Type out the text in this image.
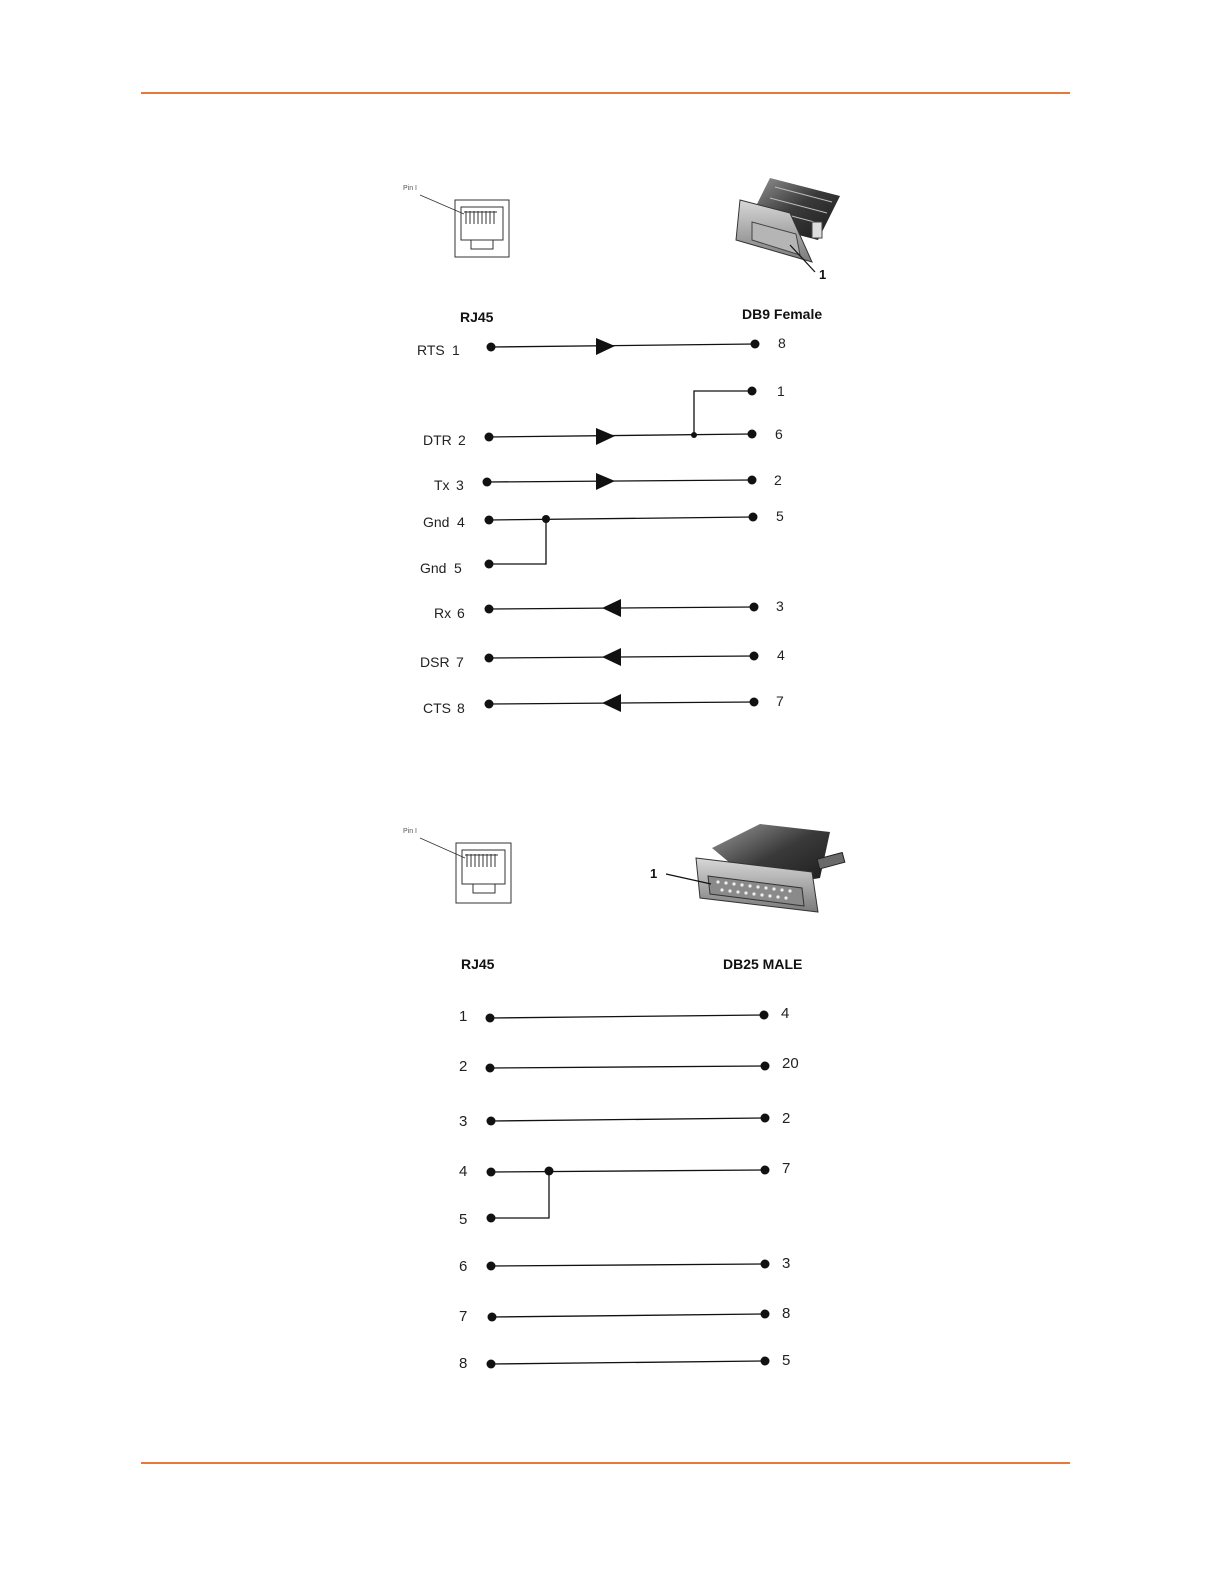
Pin I
1
RJ45	DB9 Female
RTS 1
DTR 2
Tx 3
Gnd 4
Gnd 5
Rx 6
DSR 7
CTS 8
8
1
6
2
5
3
4
7
Pin I
1
RJ45	DB25 MALE
1
2
3
4
5
6
7
8
4
20
2
7
3
8
5
